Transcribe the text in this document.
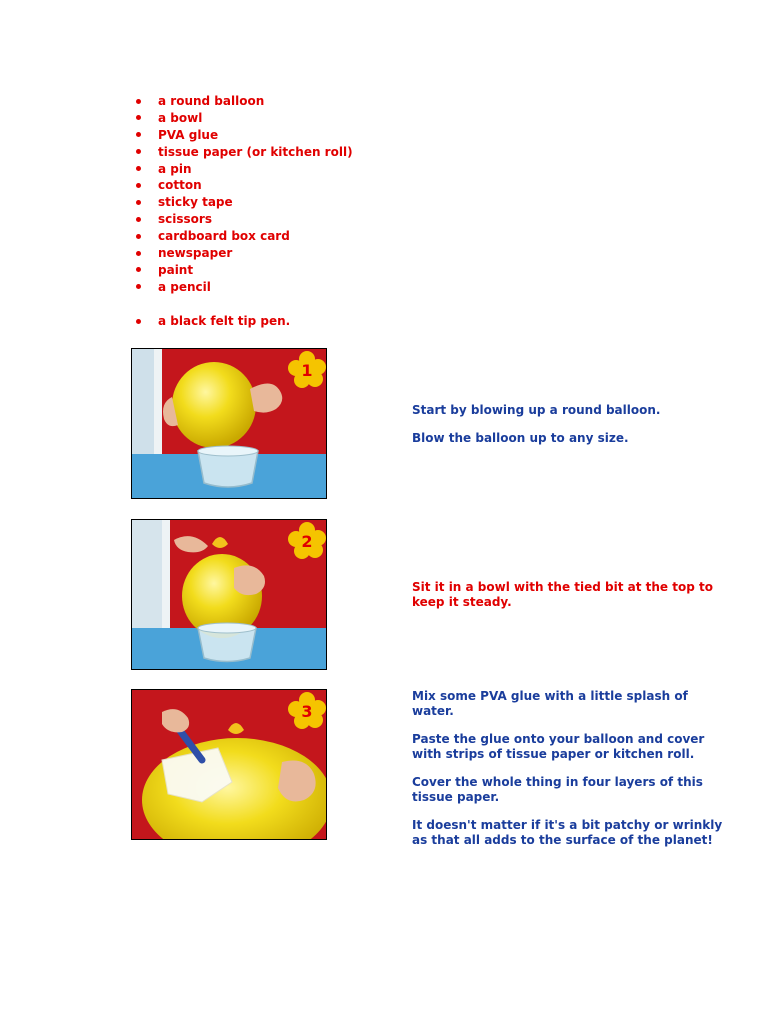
a round balloon
a bowl
PVA glue
tissue paper (or kitchen roll)
a pin
cotton
sticky tape
scissors
cardboard box card
newspaper
paint
a pencil
a black felt tip pen.
1
2
3

Start by blowing up a round balloon.

Blow the balloon up to any size.

Sit it in a bowl with the tied bit at the top to
keep it steady.

Mix some PVA glue with a little splash of
water.

Paste the glue onto your balloon and cover
with strips of tissue paper or kitchen roll.

Cover the whole thing in four layers of this
tissue paper.

It doesn't matter if it's a bit patchy or wrinkly
as that all adds to the surface of the planet!
